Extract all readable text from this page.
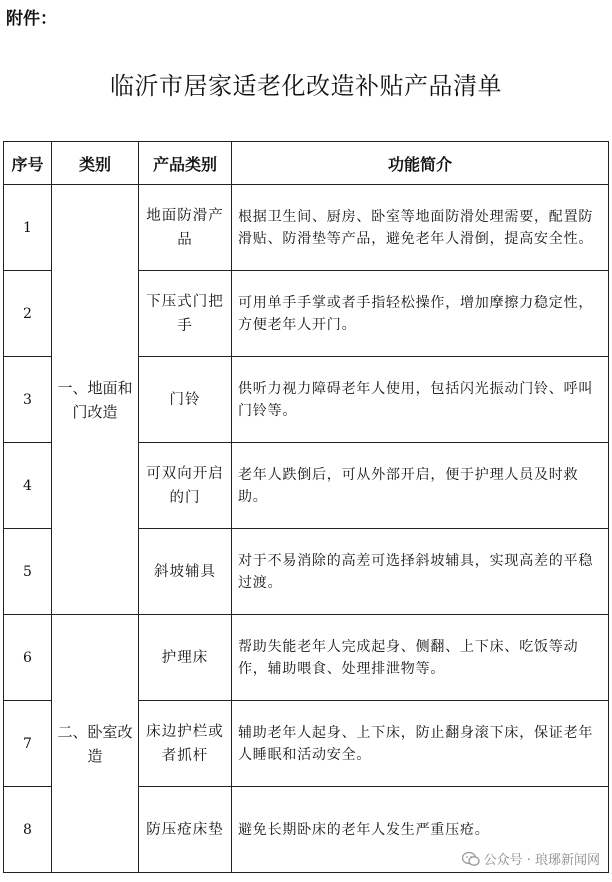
附件：
临沂市居家适老化改造补贴产品清单
序号	类别	产品类别	功能简介
1	一、地面和门改造	地面防滑产品	根据卫生间、厨房、卧室等地面防滑处理需要，配置防滑贴、防滑垫等产品，避免老年人滑倒，提高安全性。
2		下压式门把手	可用单手手掌或者手指轻松操作，增加摩擦力稳定性，方便老年人开门。
3		门铃	供听力视力障碍老年人使用，包括闪光振动门铃、呼叫门铃等。
4		可双向开启的门	老年人跌倒后，可从外部开启，便于护理人员及时救助。
5		斜坡辅具	对于不易消除的高差可选择斜坡辅具，实现高差的平稳过渡。
6	二、卧室改造	护理床	帮助失能老年人完成起身、侧翻、上下床、吃饭等动作，辅助喂食、处理排泄物等。
7		床边护栏或者抓杆	辅助老年人起身、上下床，防止翻身滚下床，保证老年人睡眠和活动安全。
8		防压疮床垫	避免长期卧床的老年人发生严重压疮。
公众号 · 琅琊新闻网
